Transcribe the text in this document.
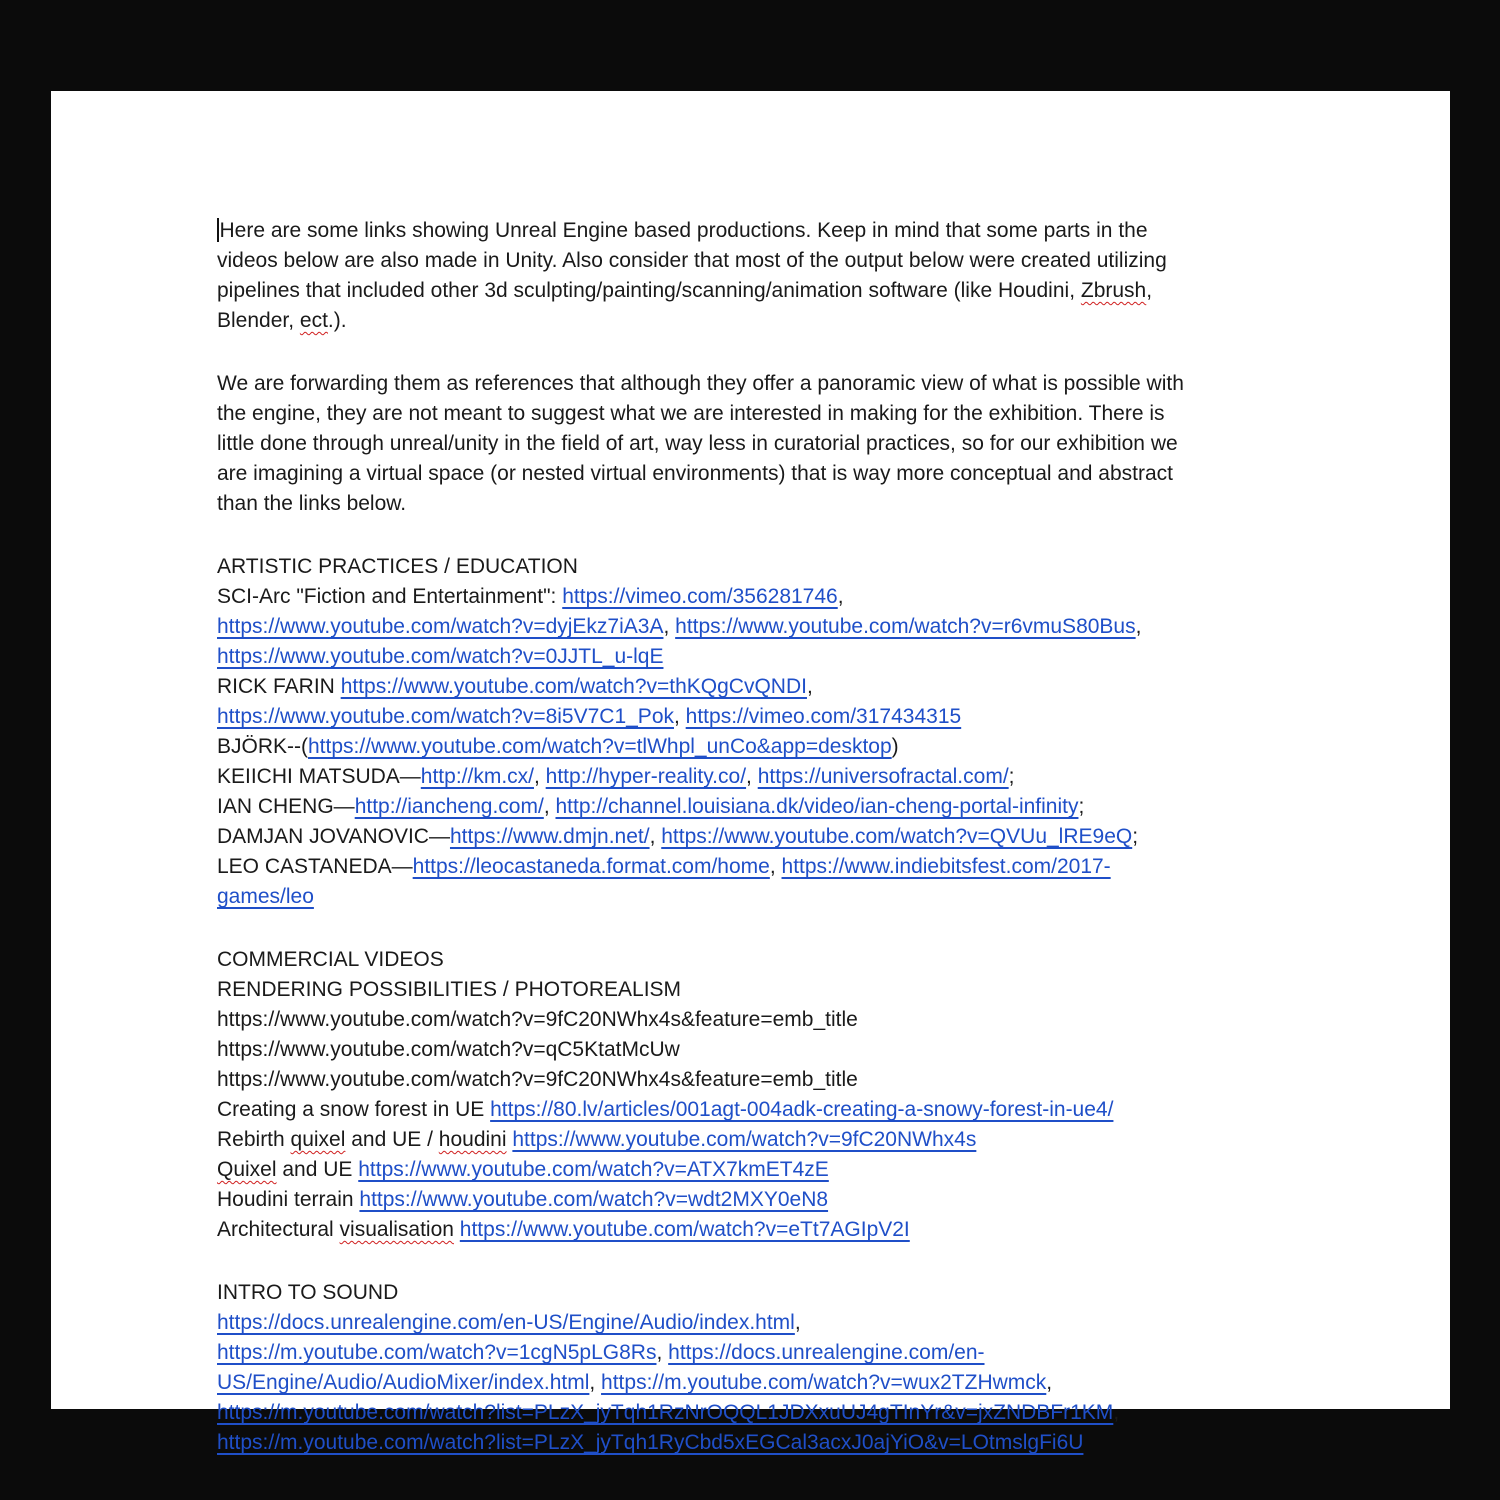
Here are some links showing Unreal Engine based productions. Keep in mind that some parts in the

videos below are also made in Unity. Also consider that most of the output below were created utilizing

pipelines that included other 3d sculpting/painting/scanning/animation software (like Houdini, Zbrush,

Blender, ect.).

We are forwarding them as references that although they offer a panoramic view of what is possible with

the engine, they are not meant to suggest what we are interested in making for the exhibition. There is

little done through unreal/unity in the field of art, way less in curatorial practices, so for our exhibition we

are imagining a virtual space (or nested virtual environments) that is way more conceptual and abstract

than the links below.

ARTISTIC PRACTICES / EDUCATION
SCI-Arc "Fiction and Entertainment": https://vimeo.com/356281746,
https://www.youtube.com/watch?v=dyjEkz7iA3A, https://www.youtube.com/watch?v=r6vmuS80Bus,
https://www.youtube.com/watch?v=0JJTL_u-lqE
RICK FARIN https://www.youtube.com/watch?v=thKQgCvQNDI,
https://www.youtube.com/watch?v=8i5V7C1_Pok, https://vimeo.com/317434315
BJÖRK--(https://www.youtube.com/watch?v=tlWhpl_unCo&app=desktop)
KEIICHI MATSUDA—http://km.cx/, http://hyper-reality.co/, https://universofractal.com/;
IAN CHENG—http://iancheng.com/, http://channel.louisiana.dk/video/ian-cheng-portal-infinity;
DAMJAN JOVANOVIC—https://www.dmjn.net/, https://www.youtube.com/watch?v=QVUu_lRE9eQ;
LEO CASTANEDA—https://leocastaneda.format.com/home, https://www.indiebitsfest.com/2017-
games/leo
COMMERCIAL VIDEOS
RENDERING POSSIBILITIES / PHOTOREALISM
https://www.youtube.com/watch?v=9fC20NWhx4s&feature=emb_title
https://www.youtube.com/watch?v=qC5KtatMcUw
https://www.youtube.com/watch?v=9fC20NWhx4s&feature=emb_title
Creating a snow forest in UE https://80.lv/articles/001agt-004adk-creating-a-snowy-forest-in-ue4/
Rebirth quixel and UE / houdini https://www.youtube.com/watch?v=9fC20NWhx4s
Quixel and UE https://www.youtube.com/watch?v=ATX7kmET4zE
Houdini terrain https://www.youtube.com/watch?v=wdt2MXY0eN8
Architectural visualisation https://www.youtube.com/watch?v=eTt7AGIpV2I
INTRO TO SOUND
https://docs.unrealengine.com/en-US/Engine/Audio/index.html,
https://m.youtube.com/watch?v=1cgN5pLG8Rs, https://docs.unrealengine.com/en-
US/Engine/Audio/AudioMixer/index.html, https://m.youtube.com/watch?v=wux2TZHwmck,
https://m.youtube.com/watch?list=PLzX_jyTqh1RzNrOQQL1JDXxuUJ4gTInYr&v=jxZNDBFr1KM,
https://m.youtube.com/watch?list=PLzX_jyTqh1RyCbd5xEGCal3acxJ0ajYiO&v=LOtmslgFi6U
